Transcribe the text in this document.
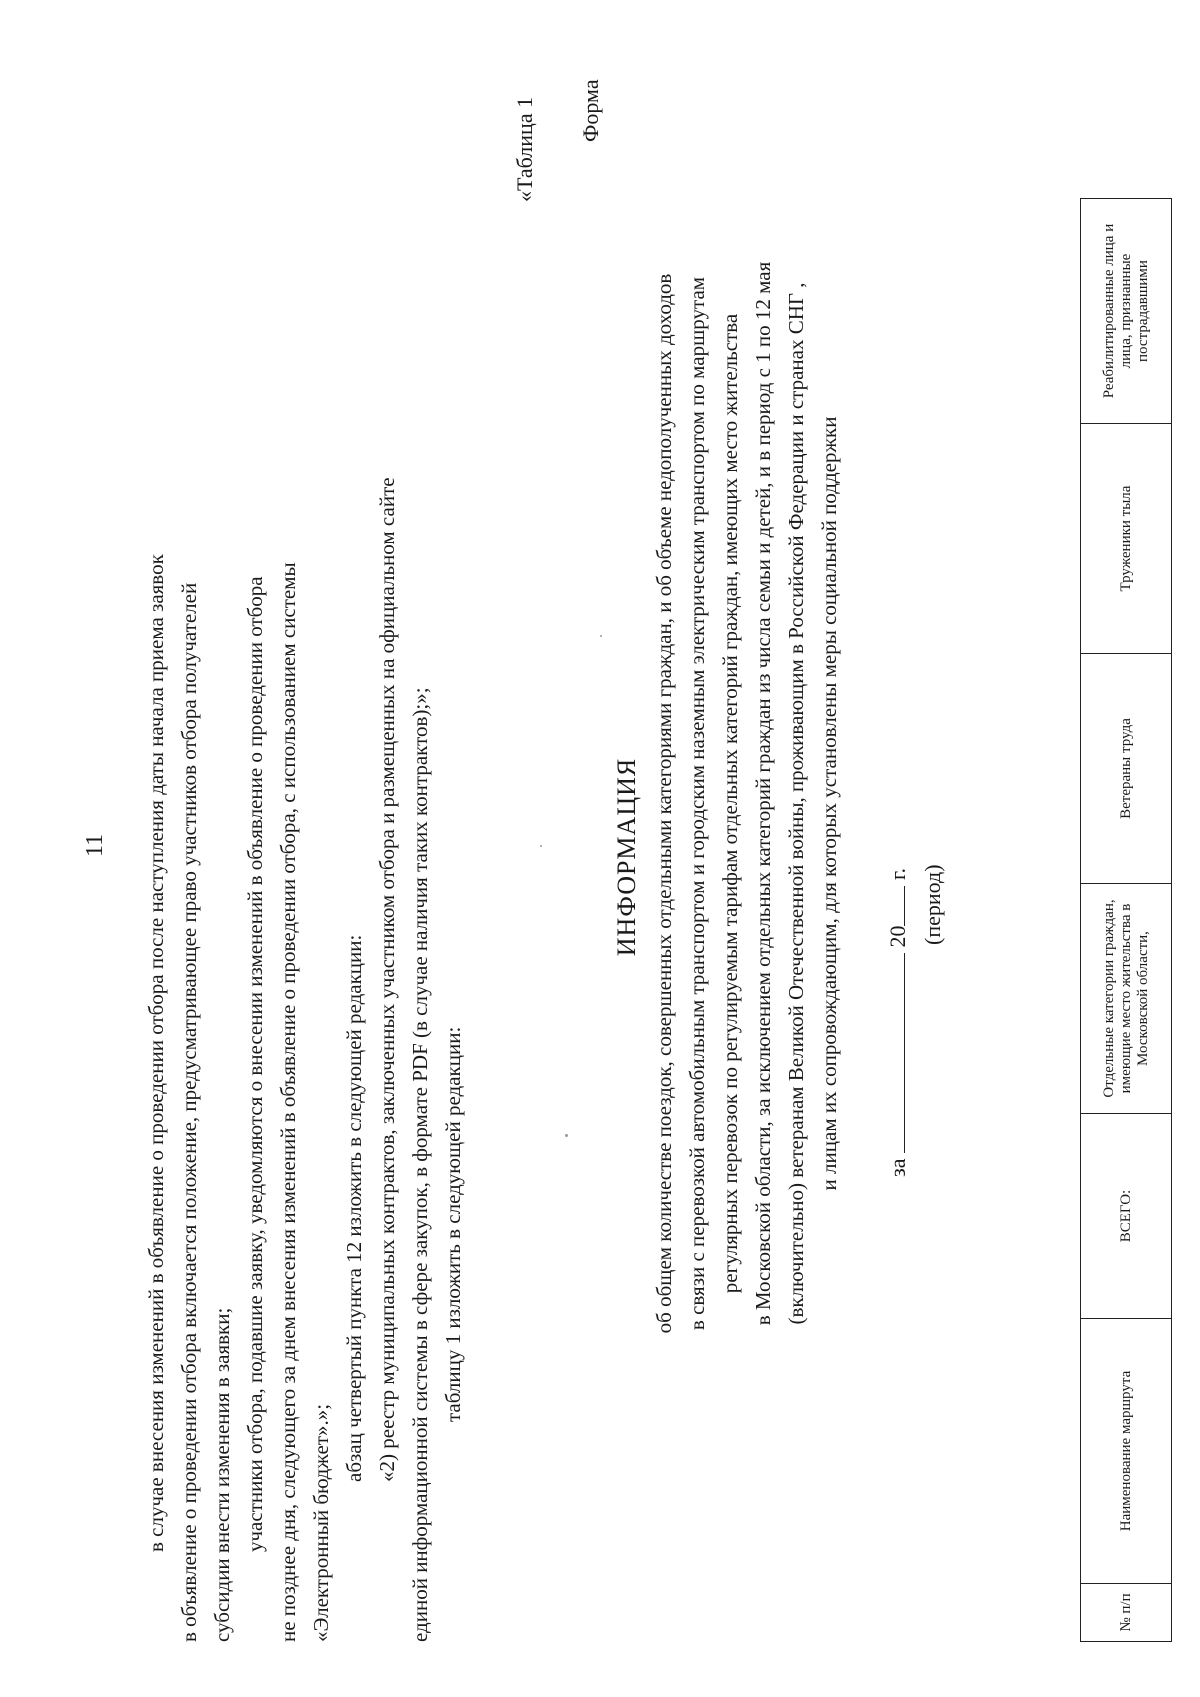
11 в случае внесения изменений в объявление о проведении отбора после наступления даты начала приема заявок в объявление о проведении отбора включается положение, предусматривающее право участников отбора получателей субсидии внести изменения в заявки; участники отбора, подавшие заявку, уведомляются о внесении изменений в объявление о проведении отбора не позднее дня, следующего за днем внесения изменений в объявление о проведении отбора, с использованием системы «Электронный бюджет».»;
абзац четвертый пункта 12 изложить в следующей редакции: «2) реестр муниципальных контрактов, заключенных участником отбора и размещенных на официальном сайте единой информационной системы в сфере закупок, в формате PDF (в случае наличия таких контрактов);»; таблицу 1 изложить в следующей редакции:
«Таблица 1 Форма
ИНФОРМАЦИЯ об общем количестве поездок, совершенных отдельными категориями граждан, и об объеме недополученных доходов в связи с перевозкой автомобильным транспортом и городским наземным электрическим транспортом по маршрутам регулярных перевозок по регулируемым тарифам отдельных категорий граждан, имеющих место жительства в Московской области, за исключением отдельных категорий граждан из числа семьи и детей, и в период с 1 по 12 мая (включительно) ветеранам Великой Отечественной войны, проживающим в Российской Федерации и странах СНГ , и лицам их сопровождающим, для которых установлены меры социальной поддержки за  20 г. (период)
№ п/п	Наименование маршрута	ВСЕГО:	Отдельные категории граждан, имеющие место жительства в Московской области,	Ветераны труда	Труженики тыла	Реабилитированные лица и лица, признанные пострадавшими
